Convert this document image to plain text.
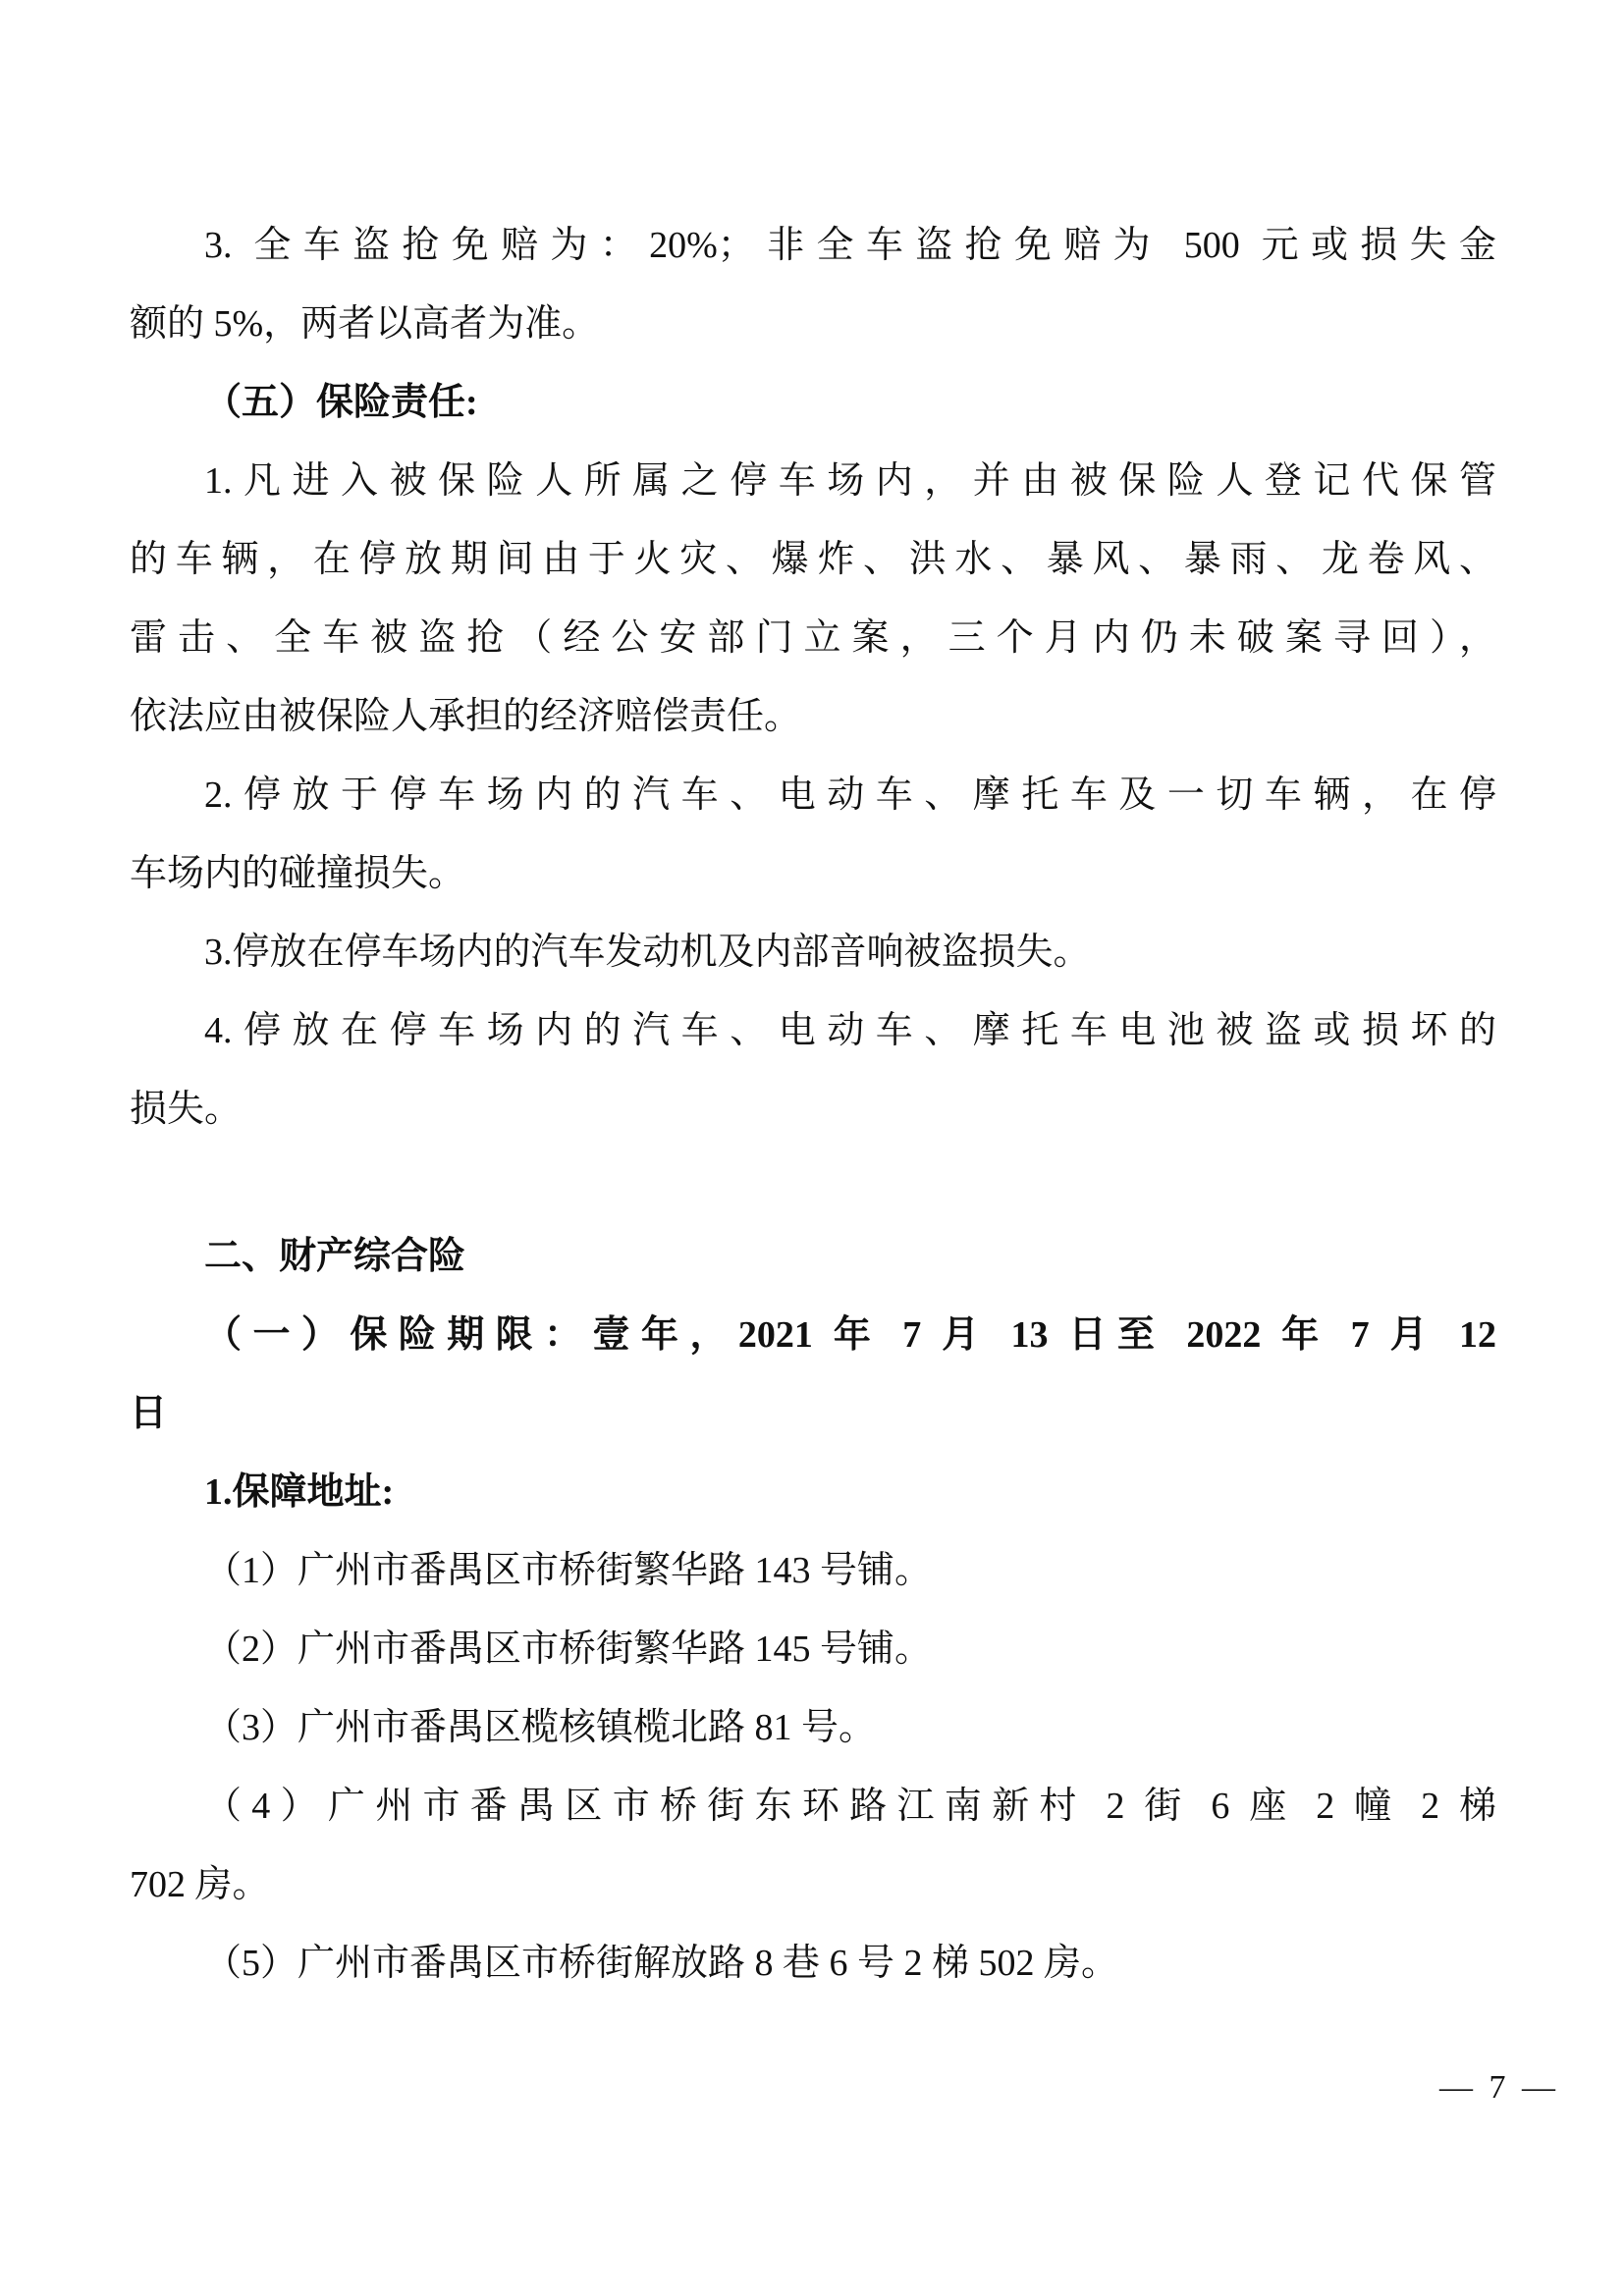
3. 全车盗抢免赔为：20%；非全车盗抢免赔为 500 元或损失金
额的 5%，两者以高者为准。
（五）保险责任:
1.凡进入被保险人所属之停车场内，并由被保险人登记代保管
的车辆，在停放期间由于火灾、爆炸、洪水、暴风、暴雨、龙卷风、
雷击、全车被盗抢（经公安部门立案，三个月内仍未破案寻回），
依法应由被保险人承担的经济赔偿责任。
2.停放于停车场内的汽车、电动车、摩托车及一切车辆，在停
车场内的碰撞损失。
3.停放在停车场内的汽车发动机及内部音响被盗损失。
4.停放在停车场内的汽车、电动车、摩托车电池被盗或损坏的
损失。
二、财产综合险
（一）保险期限：壹年，2021 年 7 月 13 日至 2022 年 7 月 12
日
1.保障地址:
（1）广州市番禺区市桥街繁华路 143 号铺。
（2）广州市番禺区市桥街繁华路 145 号铺。
（3）广州市番禺区榄核镇榄北路 81 号。
（4）广州市番禺区市桥街东环路江南新村 2 街 6 座 2 幢 2 梯
702 房。
（5）广州市番禺区市桥街解放路 8 巷 6 号 2 梯 502 房。
— 7 —
